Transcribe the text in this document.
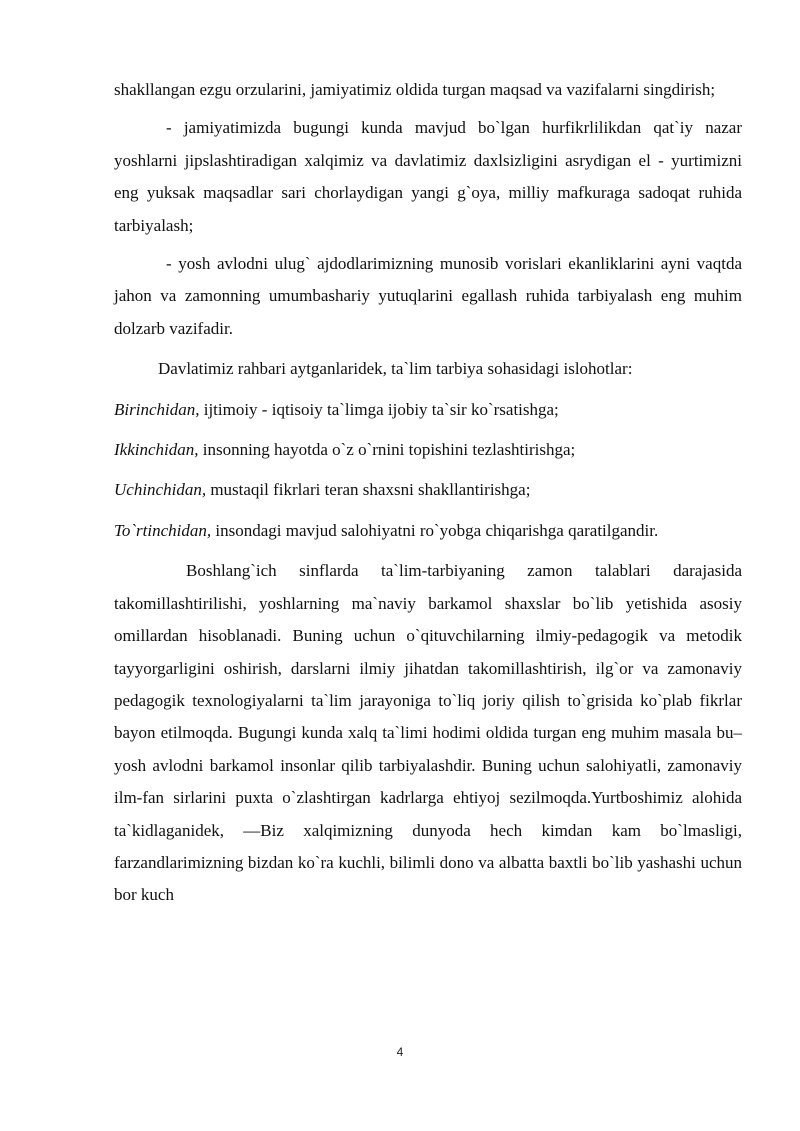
shakllangan ezgu orzularini, jamiyatimiz oldida turgan maqsad va vazifalarni singdirish;

- jamiyatimizda bugungi kunda mavjud bo`lgan hurfikrlilikdan qat`iy nazar yoshlarni jipslashtiradigan xalqimiz va davlatimiz daxlsizligini asrydigan el - yurtimizni eng yuksak maqsadlar sari chorlaydigan yangi g`oya, milliy mafkuraga sadoqat ruhida tarbiyalash;

- yosh avlodni ulug` ajdodlarimizning munosib vorislari ekanliklarini ayni vaqtda jahon va zamonning umumbashariy yutuqlarini egallash ruhida tarbiyalash eng muhim dolzarb vazifadir.

Davlatimiz rahbari aytganlaridek, ta`lim tarbiya sohasidagi islohotlar:

Birinchidan, ijtimoiy - iqtisoiy ta`limga ijobiy ta`sir ko`rsatishga;

Ikkinchidan, insonning hayotda o`z o`rnini topishini tezlashtirishga;

Uchinchidan, mustaqil fikrlari teran shaxsni shakllantirishga;

To`rtinchidan, insondagi mavjud salohiyatni ro`yobga chiqarishga qaratilgandir.

Boshlang`ich sinflarda ta`lim-tarbiyaning zamon talablari darajasida takomillashtirilishi, yoshlarning ma`naviy barkamol shaxslar bo`lib yetishida asosiy omillardan hisoblanadi. Buning uchun o`qituvchilarning ilmiy-pedagogik va metodik tayyorgarligini oshirish, darslarni ilmiy jihatdan takomillashtirish, ilg`or va zamonaviy pedagogik texnologiyalarni ta`lim jarayoniga to`liq joriy qilish to`grisida ko`plab fikrlar bayon etilmoqda. Bugungi kunda xalq ta`limi hodimi oldida turgan eng muhim masala bu– yosh avlodni barkamol insonlar qilib tarbiyalashdir. Buning uchun salohiyatli, zamonaviy ilm-fan sirlarini puxta o`zlashtirgan kadrlarga ehtiyoj sezilmoqda.Yurtboshimiz alohida ta`kidlaganidek, ―Biz xalqimizning dunyoda hech kimdan kam bo`lmasligi, farzandlarimizning bizdan ko`ra kuchli, bilimli dono va albatta baxtli bo`lib yashashi uchun bor kuch

4
